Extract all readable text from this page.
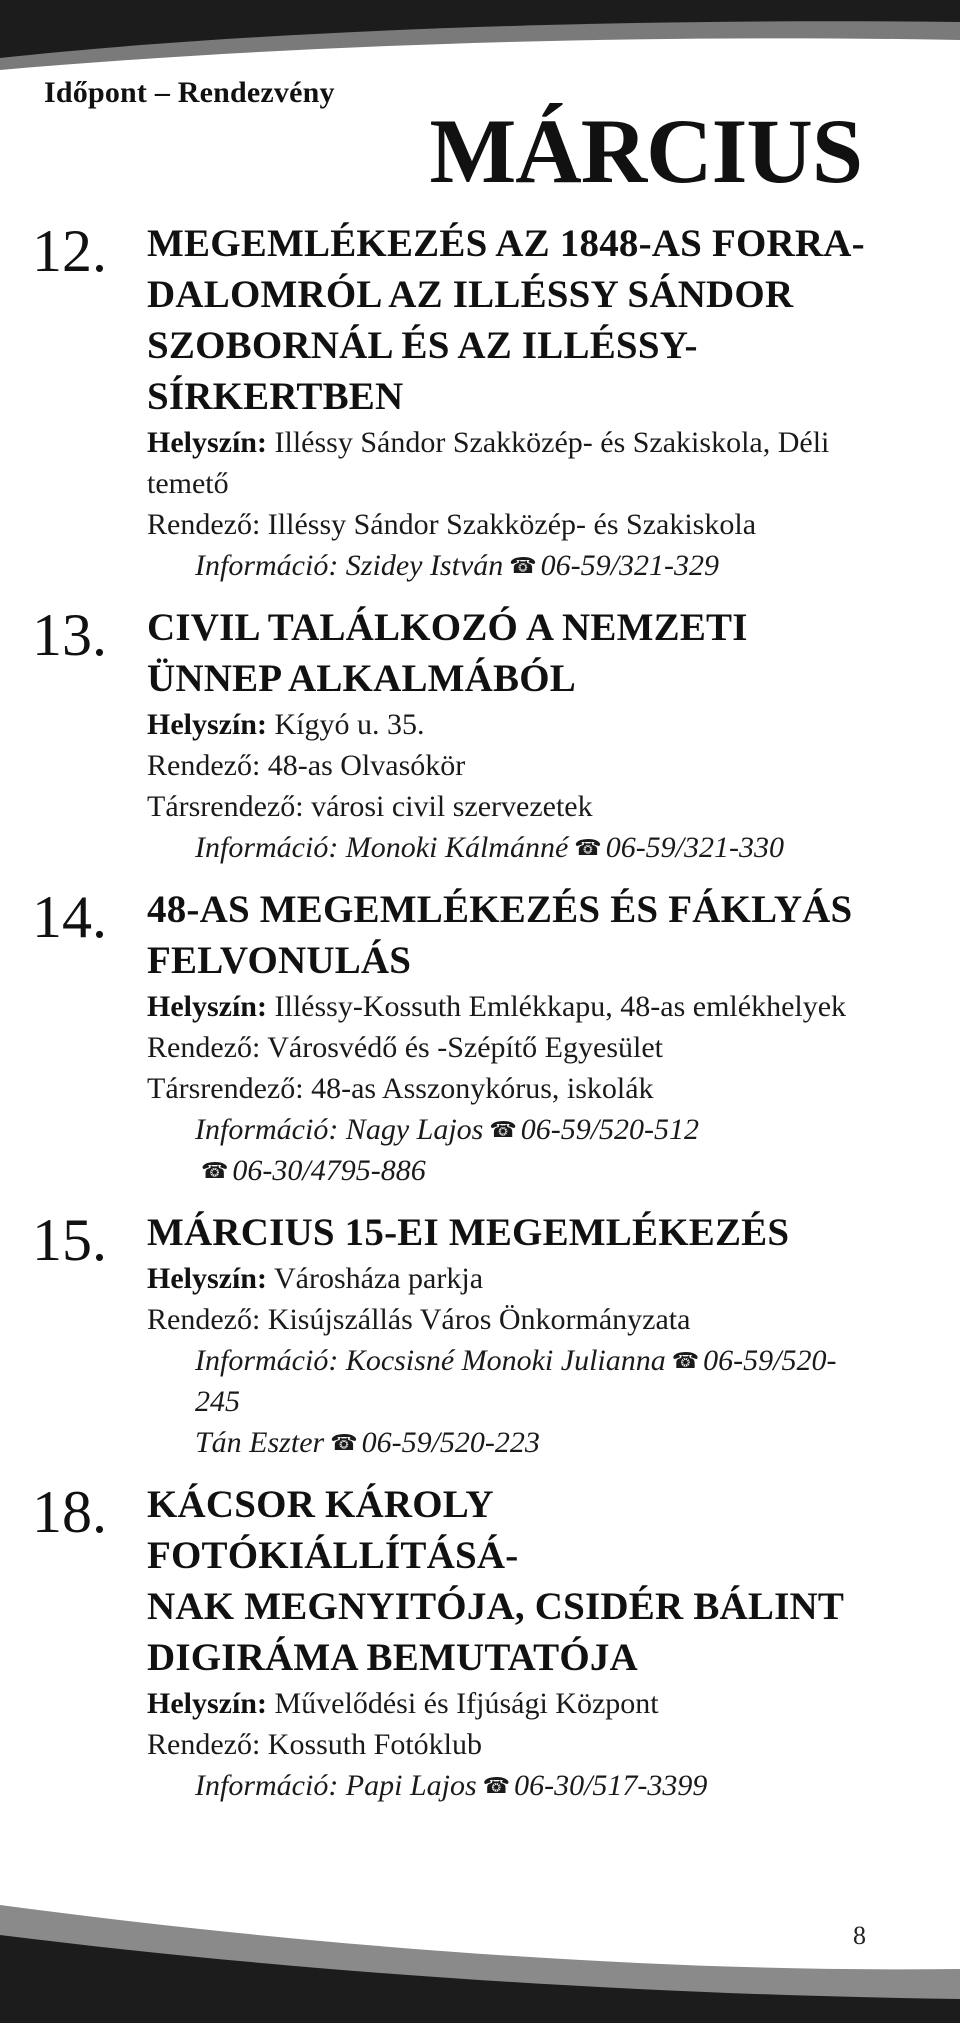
Időpont – Rendezvény
MÁRCIUS
12. MEGEMLÉKEZÉS AZ 1848-AS FORRA-
DALOMRÓL AZ ILLÉSSY SÁNDOR
SZOBORNÁL ÉS AZ ILLÉSSY-
SÍRKERTBEN

Helyszín: Illéssy Sándor Szakközép- és Szakiskola, Déli temető
Rendező: Illéssy Sándor Szakközép- és Szakiskola
Információ: Szidey István ☎ 06-59/321-329
13. CIVIL TALÁLKOZÓ A NEMZETI
ÜNNEP ALKALMÁBÓL

Helyszín: Kígyó u. 35.
Rendező: 48-as Olvasókör
Társrendező: városi civil szervezetek
Információ: Monoki Kálmánné ☎ 06-59/321-330
14. 48-AS MEGEMLÉKEZÉS ÉS FÁKLYÁS
FELVONULÁS

Helyszín: Illéssy-Kossuth Emlékkapu, 48-as emlékhelyek
Rendező: Városvédő és -Szépítő Egyesület
Társrendező: 48-as Asszonykórus, iskolák
Információ: Nagy Lajos ☎ 06-59/520-512
☎ 06-30/4795-886
15. MÁRCIUS 15-EI MEGEMLÉKEZÉS

Helyszín: Városháza parkja
Rendező: Kisújszállás Város Önkormányzata
Információ: Kocsisné Monoki Julianna ☎ 06-59/520-245
Tán Eszter ☎ 06-59/520-223
18. KÁCSOR KÁROLY FOTÓKIÁLLÍTÁSÁ-
NAK MEGNYITÓJA, CSIDÉR BÁLINT
DIGIRÁMA BEMUTATÓJA

Helyszín: Művelődési és Ifjúsági Központ
Rendező: Kossuth Fotóklub
Információ: Papi Lajos ☎ 06-30/517-3399
8
